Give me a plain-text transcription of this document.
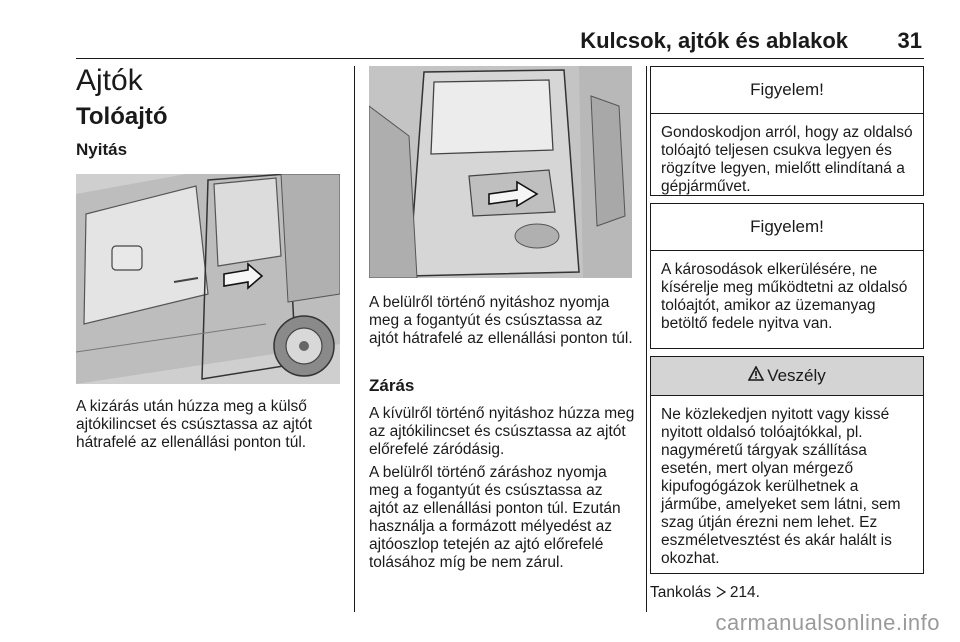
Kulcsok, ajtók és ablakok 31
Ajtók
Tolóajtó
Nyitás
A kizárás után húzza meg a külső ajtókilincset és csúsztassa az ajtót hátrafelé az ellenállási ponton túl.
A belülről történő nyitáshoz nyomja meg a fogantyút és csúsztassa az ajtót hátrafelé az ellenállási ponton túl.
Zárás
A kívülről történő nyitáshoz húzza meg az ajtókilincset és csúsztassa az ajtót előrefelé záródásig.
A belülről történő záráshoz nyomja meg a fogantyút és csúsztassa az ajtót az ellenállási ponton túl. Ezután használja a formázott mélyedést az ajtóoszlop tetején az ajtó előrefelé tolásához míg be nem zárul.
Figyelem!
Gondoskodjon arról, hogy az oldalsó tolóajtó teljesen csukva legyen és rögzítve legyen, mielőtt elindítaná a gépjárművet.
Figyelem!
A károsodások elkerülésére, ne kísérelje meg működtetni az oldalsó tolóajtót, amikor az üzemanyag betöltő fedele nyitva van.
Veszély
Ne közlekedjen nyitott vagy kissé nyitott oldalsó tolóajtókkal, pl. nagyméretű tárgyak szállítása esetén, mert olyan mérgező kipufogógázok kerülhetnek a járműbe, amelyeket sem látni, sem szag útján érezni nem lehet. Ez eszméletvesztést és akár halált is okozhat.
Tankolás 214.
carmanualsonline.info
